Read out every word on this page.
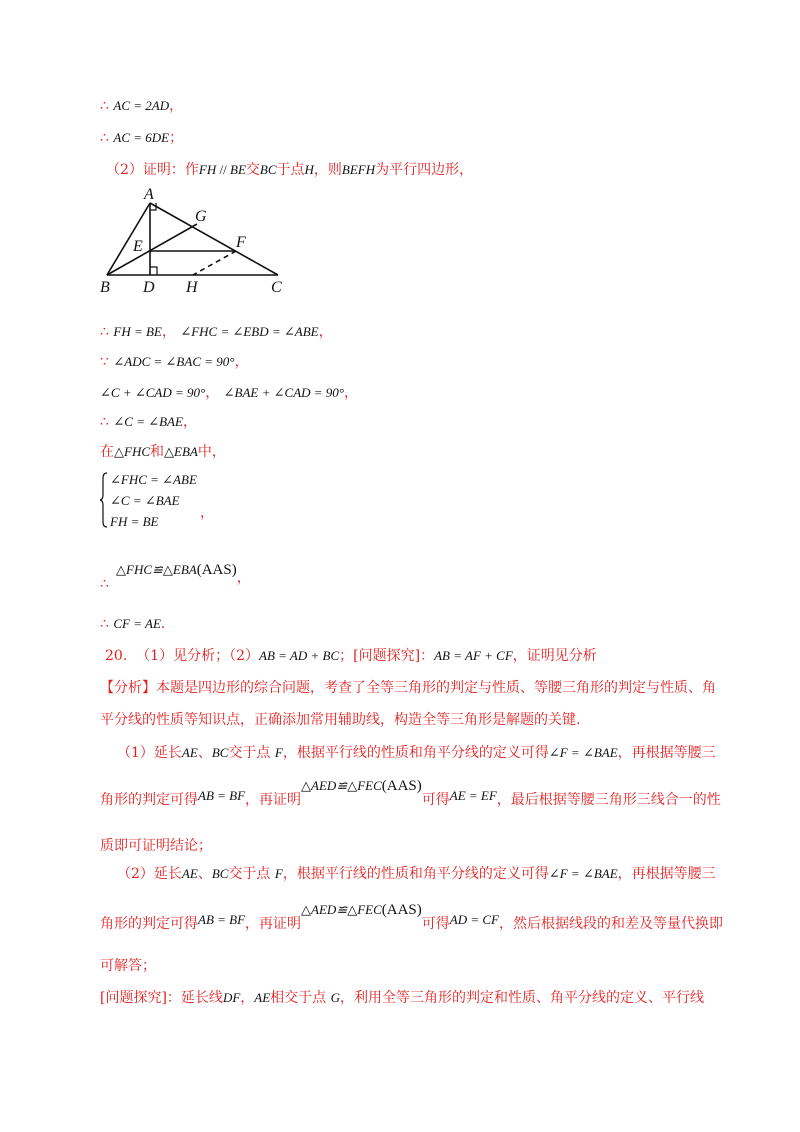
∴ AC = 2AD，
∴ AC = 6DE；
（2）证明：作FH // BE交BC于点H，则BEFH为平行四边形，
A
G
E	F
B D H	C
∴ FH = BE， ∠FHC = ∠EBD = ∠ABE，
∵ ∠ADC = ∠BAC = 90°，
∠C + ∠CAD = 90°， ∠BAE + ∠CAD = 90°，
∴ ∠C = ∠BAE，
在△FHC和△EBA中，
∠FHC = ∠ABE
∠C = ∠BAE
FH = BE
，
△FHC≌△EBA(AAS)，
∴
∴ CF = AE．
20. （1）见分析；（2）AB = AD + BC；[问题探究]：AB = AF + CF，证明见分析
【分析】本题是四边形的综合问题，考查了全等三角形的判定与性质、等腰三角形的判定与性质、角
平分线的性质等知识点，正确添加常用辅助线，构造全等三角形是解题的关键.
（1）延长AE、BC交于点 F，根据平行线的性质和角平分线的定义可得∠F = ∠BAE，再根据等腰三
角形的判定可得AB = BF，再证明△AED≌△FEC(AAS)可得AE = EF，最后根据等腰三角形三线合一的性
质即可证明结论；
（2）延长AE、BC交于点 F，根据平行线的性质和角平分线的定义可得∠F = ∠BAE，再根据等腰三
角形的判定可得AB = BF，再证明△AED≌△FEC(AAS)可得AD = CF，然后根据线段的和差及等量代换即
可解答；
[问题探究]：延长线DF，AE相交于点 G，利用全等三角形的判定和性质、角平分线的定义、平行线
